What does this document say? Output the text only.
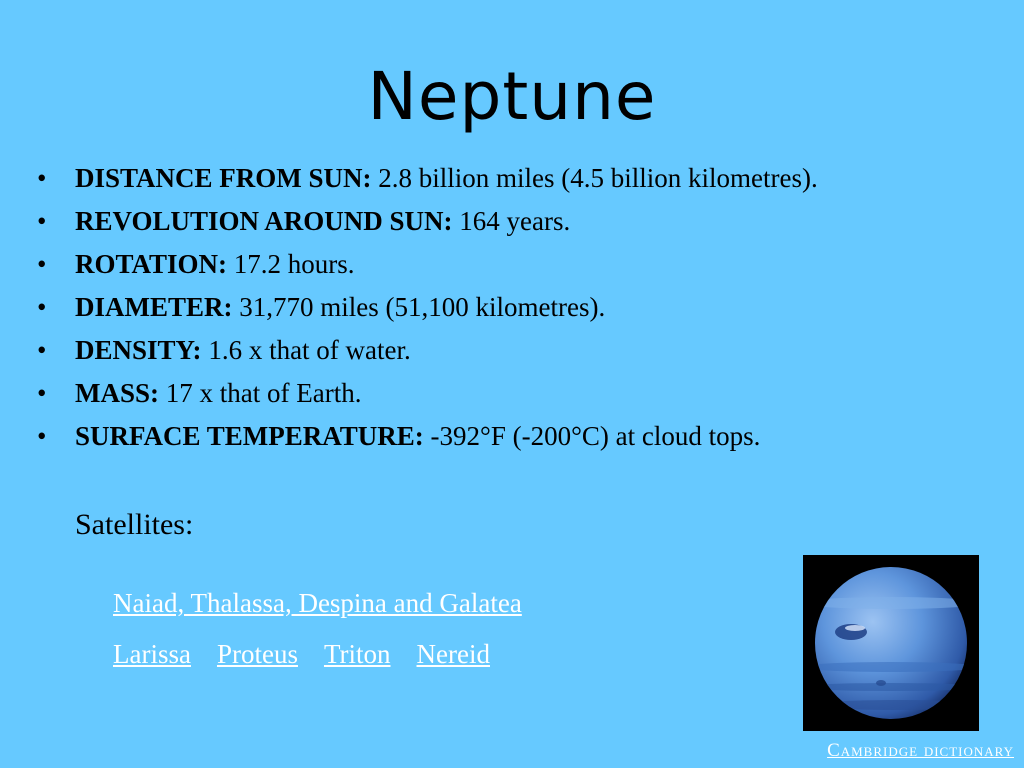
Neptune
• DISTANCE FROM SUN: 2.8 billion miles (4.5 billion kilometres).
• REVOLUTION AROUND SUN: 164 years.
• ROTATION: 17.2 hours.
• DIAMETER: 31,770 miles (51,100 kilometres).
• DENSITY: 1.6 x that of water.
• MASS: 17 x that of Earth.
• SURFACE TEMPERATURE: -392°F (-200°C) at cloud tops.
Satellites:
Naiad, Thalassa, Despina and Galatea
Larissa Proteus Triton Nereid
Cambridge dictionary
